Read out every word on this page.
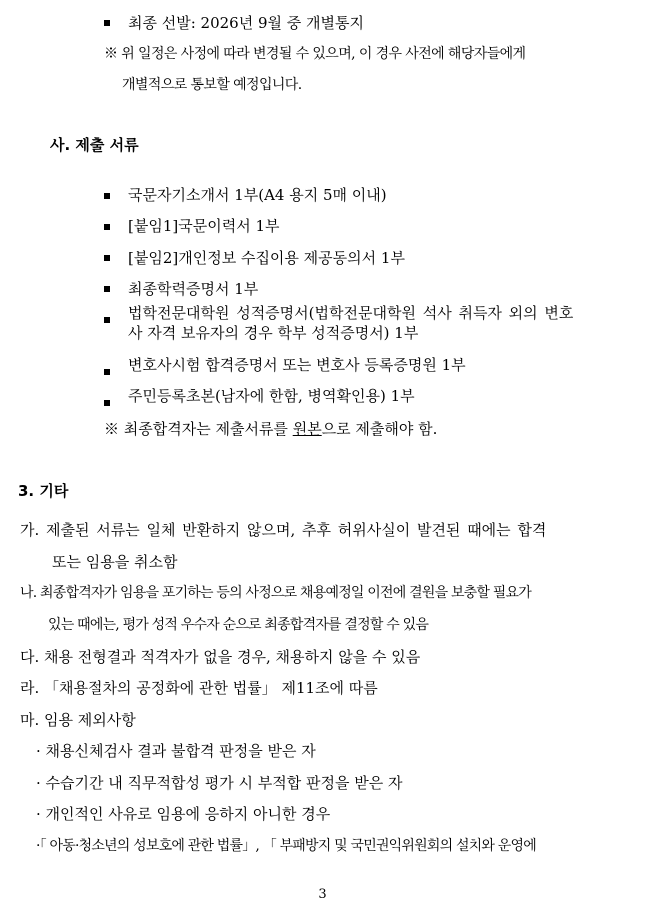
최종 선발: 2026년 9월 중 개별통지
※ 위 일정은 사정에 따라 변경될 수 있으며, 이 경우 사전에 해당자들에게
개별적으로 통보할 예정입니다.
사. 제출 서류
국문자기소개서 1부(A4 용지 5매 이내)
[붙임1]국문이력서 1부
[붙임2]개인정보 수집이용 제공동의서 1부
최종학력증명서 1부
법학전문대학원 성적증명서(법학전문대학원 석사 취득자 외의 변호
사 자격 보유자의 경우 학부 성적증명서) 1부
변호사시험 합격증명서 또는 변호사 등록증명원 1부
주민등록초본(남자에 한함, 병역확인용) 1부
※ 최종합격자는 제출서류를 원본으로 제출해야 함.
3. 기타
가. 제출된 서류는 일체 반환하지 않으며, 추후 허위사실이 발견된 때에는 합격
또는 임용을 취소함
나. 최종합격자가 임용을 포기하는 등의 사정으로 채용예정일 이전에 결원을 보충할 필요가
있는 때에는, 평가 성적 우수자 순으로 최종합격자를 결정할 수 있음
다. 채용 전형결과 적격자가 없을 경우, 채용하지 않을 수 있음
라. 「채용절차의 공정화에 관한 법률」 제11조에 따름
마. 임용 제외사항
· 채용신체검사 결과 불합격 판정을 받은 자
· 수습기간 내 직무적합성 평가 시 부적합 판정을 받은 자
· 개인적인 사유로 임용에 응하지 아니한 경우
·「 아동·청소년의 성보호에 관한 법률」, 「 부패방지 및 국민권익위원회의 설치와 운영에
3
